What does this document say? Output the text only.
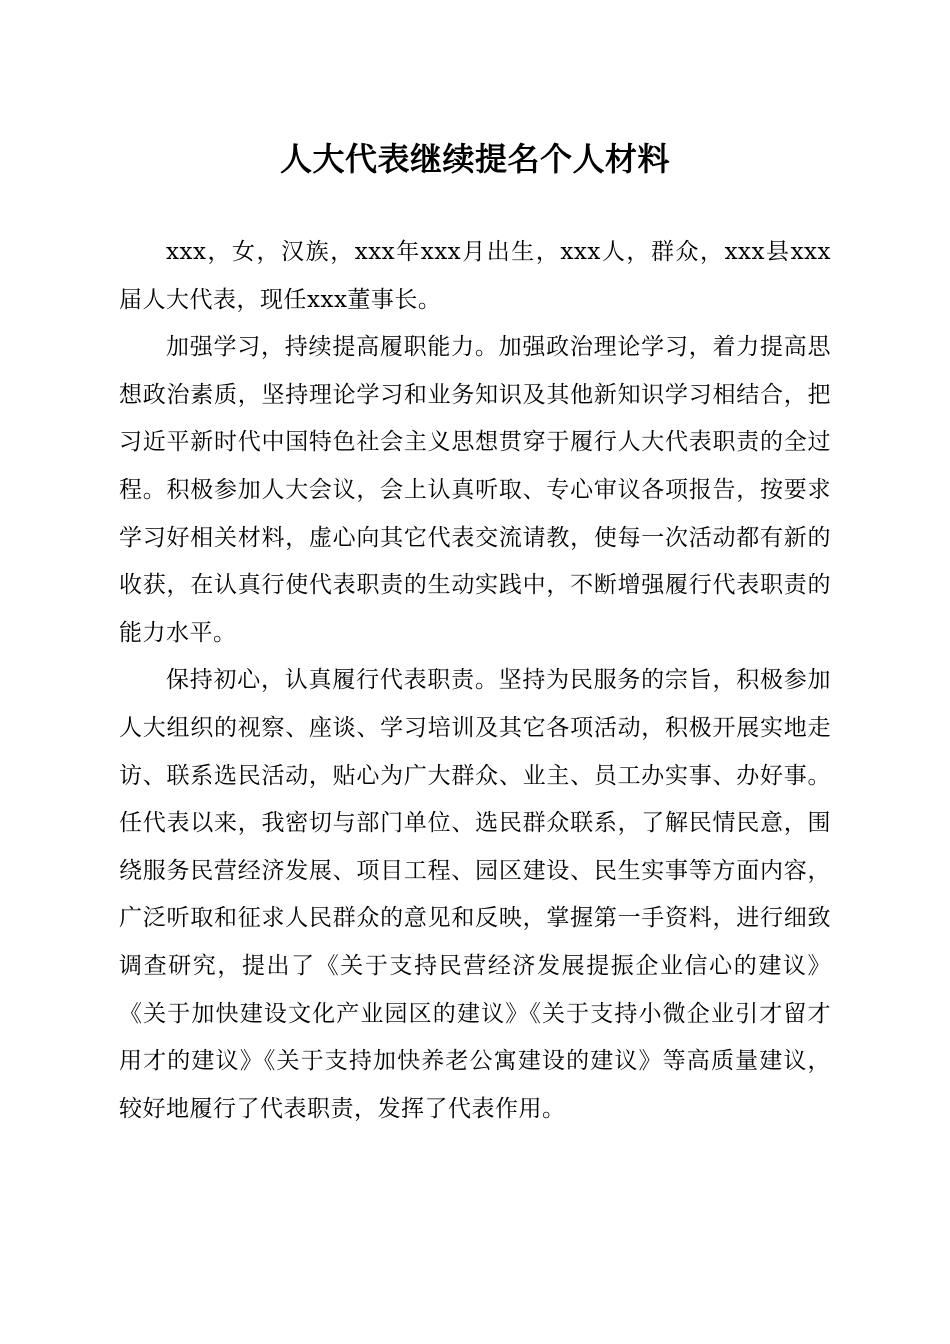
人大代表继续提名个人材料

xxx，女，汉族，xxx年xxx月出生，xxx人，群众，xxx县xxx届人大代表，现任xxx董事长。

加强学习，持续提高履职能力。加强政治理论学习，着力提高思想政治素质，坚持理论学习和业务知识及其他新知识学习相结合，把习近平新时代中国特色社会主义思想贯穿于履行人大代表职责的全过程。积极参加人大会议，会上认真听取、专心审议各项报告，按要求学习好相关材料，虚心向其它代表交流请教，使每一次活动都有新的收获，在认真行使代表职责的生动实践中，不断增强履行代表职责的能力水平。

保持初心，认真履行代表职责。坚持为民服务的宗旨，积极参加人大组织的视察、座谈、学习培训及其它各项活动，积极开展实地走访、联系选民活动，贴心为广大群众、业主、员工办实事、办好事。任代表以来，我密切与部门单位、选民群众联系，了解民情民意，围绕服务民营经济发展、项目工程、园区建设、民生实事等方面内容，广泛听取和征求人民群众的意见和反映，掌握第一手资料，进行细致调查研究，提出了《关于支持民营经济发展提振企业信心的建议》《关于加快建设文化产业园区的建议》《关于支持小微企业引才留才用才的建议》《关于支持加快养老公寓建设的建议》等高质量建议，较好地履行了代表职责，发挥了代表作用。
